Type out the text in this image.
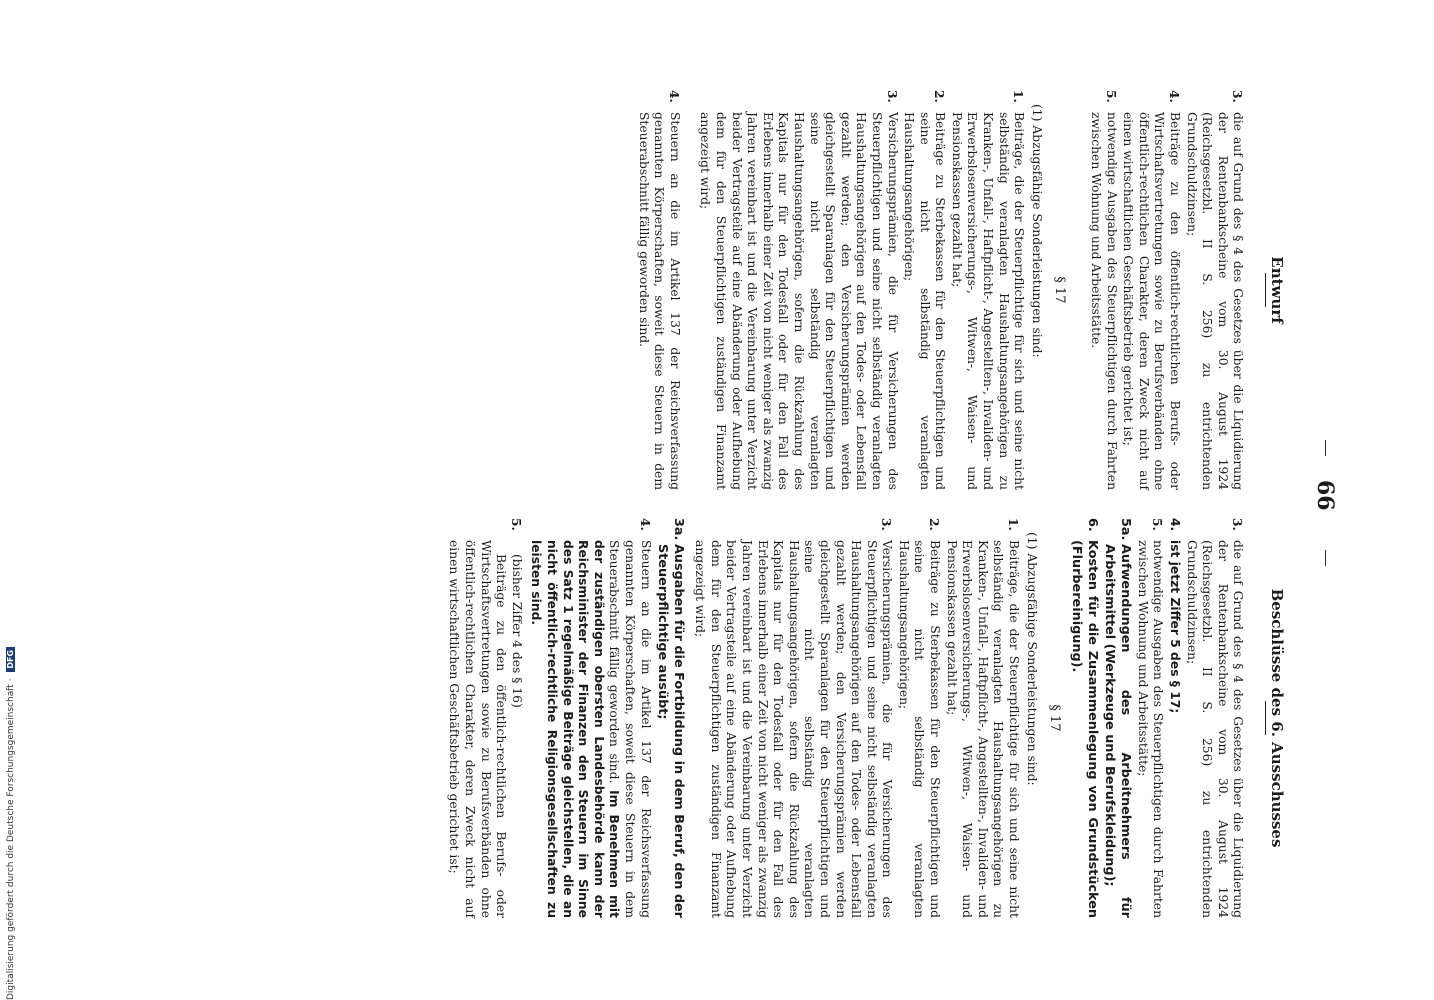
66
Entwurf
3.
die auf Grund des § 4 des Gesetzes über die Liquidierung der Rentenbankscheine vom 30. August 1924 (Reichsgesetzbl. II S. 256) zu entrichtenden Grundschuldzinsen;
4.
Beiträge zu den öffentlich-rechtlichen Berufs- oder Wirtschaftsvertretungen sowie zu Berufsverbänden ohne öffentlich-rechtlichen Charakter, deren Zweck nicht auf einen wirtschaftlichen Geschäftsbetrieb gerichtet ist;
5.
notwendige Ausgaben des Steuerpflichtigen durch Fahrten zwischen Wohnung und Arbeitsstätte.
§ 17
(1) Abzugsfähige Sonderleistungen sind:
1.
Beiträge, die der Steuerpflichtige für sich und seine nicht selbständig veranlagten Haushaltungsangehörigen zu Kranken-, Unfall-, Haftpflicht-, Angestellten-, Invaliden- und Erwerbslosenversicherungs-, Witwen-, Waisen- und Pensionskassen gezahlt hat;
2.
Beiträge zu Sterbekassen für den Steuerpflichtigen und seine nicht selbständig veranlagten Haushaltungsangehörigen;
3.
Versicherungsprämien, die für Versicherungen des Steuerpflichtigen und seine nicht selbständig veranlagten Haushaltungsangehörigen auf den Todes- oder Lebensfall gezahlt werden; den Versicherungsprämien werden gleichgestellt Sparanlagen für den Steuerpflichtigen und seine nicht selbständig veranlagten Haushaltungsangehörigen, sofern die Rückzahlung des Kapitals nur für den Todesfall oder für den Fall des Erlebens innerhalb einer Zeit von nicht weniger als zwanzig Jahren vereinbart ist und die Vereinbarung unter Verzicht beider Vertragsteile auf eine Abänderung oder Aufhebung dem für den Steuerpflichtigen zuständigen Finanzamt angezeigt wird;
4.
Steuern an die im Artikel 137 der Reichsverfassung genannten Körperschaften, soweit diese Steuern in dem Steuerabschnitt fällig geworden sind.
Beschlüsse des 6. Ausschusses
3.
die auf Grund des § 4 des Gesetzes über die Liquidierung der Rentenbankscheine vom 30. August 1924 (Reichsgesetzbl. II S. 256) zu entrichtenden Grundschuldzinsen;
4.
ist jetzt Ziffer 5 des § 17;
5.
notwendige Ausgaben des Steuerpflichtigen durch Fahrten zwischen Wohnung und Arbeitsstätte;
5a.
Aufwendungen des Arbeitnehmers für Arbeitsmittel (Werkzeuge und Berufskleidung);
6.
Kosten für die Zusammenlegung von Grundstücken (Flurbereinigung).
§ 17
(1) Abzugsfähige Sonderleistungen sind:
1.
Beiträge, die der Steuerpflichtige für sich und seine nicht selbständig veranlagten Haushaltungsangehörigen zu Kranken-, Unfall-, Haftpflicht-, Angestellten-, Invaliden- und Erwerbslosenversicherungs-, Witwen-, Waisen- und Pensionskassen gezahlt hat;
2.
Beiträge zu Sterbekassen für den Steuerpflichtigen und seine nicht selbständig veranlagten Haushaltungsangehörigen;
3.
Versicherungsprämien, die für Versicherungen des Steuerpflichtigen und seine nicht selbständig veranlagten Haushaltungsangehörigen auf den Todes- oder Lebensfall gezahlt werden; den Versicherungsprämien werden gleichgestellt Sparanlagen für den Steuerpflichtigen und seine nicht selbständig veranlagten Haushaltungsangehörigen, sofern die Rückzahlung des Kapitals nur für den Todesfall oder für den Fall des Erlebens innerhalb einer Zeit von nicht weniger als zwanzig Jahren vereinbart ist und die Vereinbarung unter Verzicht beider Vertragsteile auf eine Abänderung oder Aufhebung dem für den Steuerpflichtigen zuständigen Finanzamt angezeigt wird;
3a.
Ausgaben für die Fortbildung in dem Beruf, den der Steuerpflichtige ausübt;
4.
Steuern an die im Artikel 137 der Reichsverfassung genannten Körperschaften, soweit diese Steuern in dem Steuerabschnitt fällig geworden sind. Im Benehmen mit der zuständigen obersten Landesbehörde kann der Reichsminister der Finanzen den Steuern im Sinne des Satz 1 regelmäßige Beiträge gleichstellen, die an nicht öffentlich-rechtliche Religionsgesellschaften zu leisten sind.
5.
(bisher Ziffer 4 des § 16)
Beiträge zu den öffentlich-rechtlichen Berufs- oder Wirtschaftsvertretungen sowie zu Berufsverbänden ohne öffentlich-rechtlichen Charakter, deren Zweck nicht auf einen wirtschaftlichen Geschäftsbetrieb gerichtet ist;
Digitalisierung gefördert durch die Deutsche Forschungsgemeinschaft · DFG
